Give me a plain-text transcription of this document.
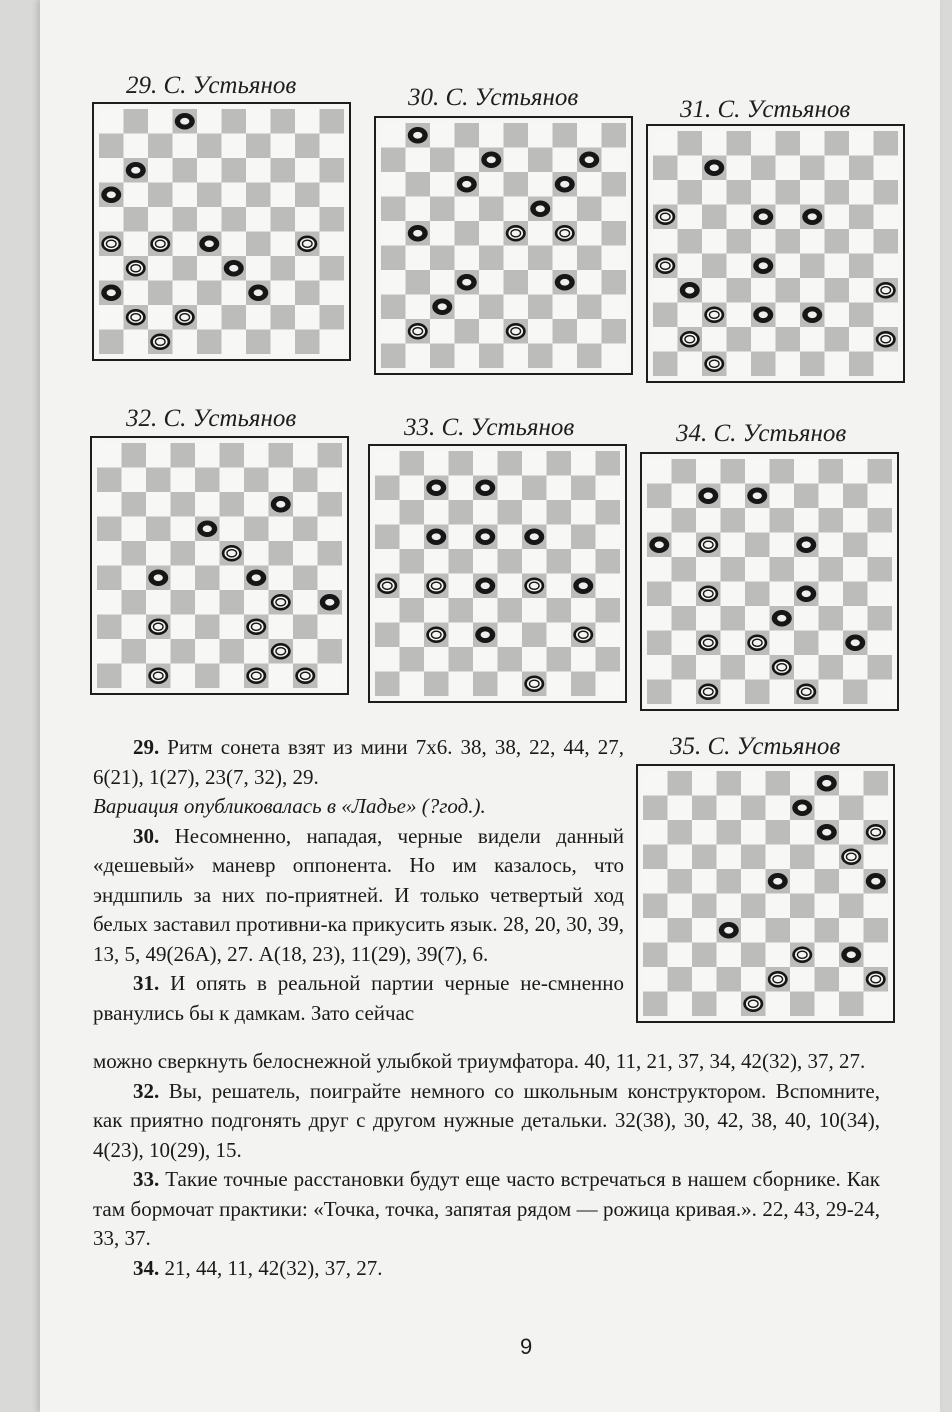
29. С. Устьянов	30. С. Устьянов	31. С. Устьянов
32. С. Устьянов	33. С. Устьянов	34. С. Устьянов
35. С. Устьянов

29. Ритм сонета взят из мини 7х6. 38, 38, 22, 44, 27, 6(21), 1(27), 23(7, 32), 29.

Вариация опубликовалась в «Ладье» (?год.).

30. Несомненно, нападая, черные видели данный «дешевый» маневр оппонента. Но им казалось, что эндшпиль за них по-приятней. И только четвертый ход белых заставил противни-ка прикусить язык. 28, 20, 30, 39, 13, 5, 49(26А), 27. А(18, 23), 11(29), 39(7), 6.

31. И опять в реальной партии черные не-смненно рванулись бы к дамкам. Зато сейчас

можно сверкнуть белоснежной улыбкой триумфатора. 40, 11, 21, 37, 34, 42(32), 37, 27.

32. Вы, решатель, поиграйте немного со школьным конструктором. Вспомните, как приятно подгонять друг с другом нужные детальки. 32(38), 30, 42, 38, 40, 10(34), 4(23), 10(29), 15.

33. Такие точные расстановки будут еще часто встречаться в нашем сборнике. Как там бормочат практики: «Точка, точка, запятая рядом — рожица кривая.». 22, 43, 29-24, 33, 37.

34. 21, 44, 11, 42(32), 37, 27.

9
